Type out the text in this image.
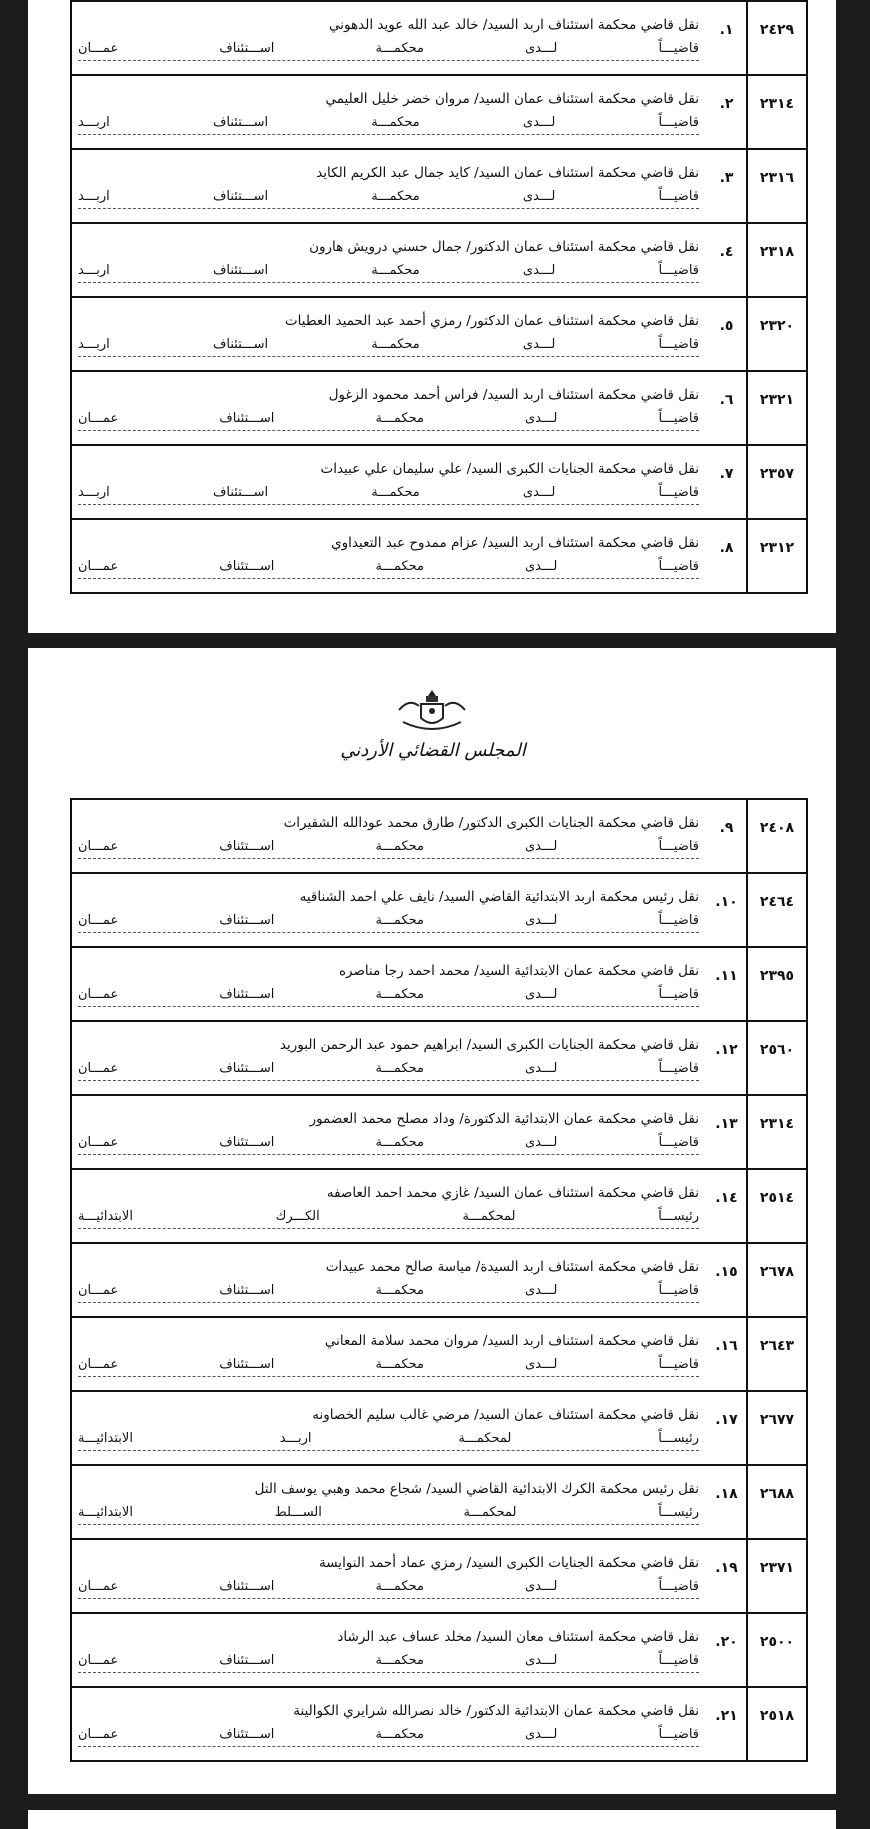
٢٤٢٩	١.	نقل قاضي محكمة استئناف اربد السيد/ خالد عبد الله عويد الدهوني
قاضيـــاً لـــدى محكمـــة اســـتئناف عمـــان

٢٣١٤	٢.	نقل قاضي محكمة استئناف عمان السيد/ مروان خضر خليل العليمي
قاضيـــاً لـــدى محكمـــة اســـتئناف اربـــد

٢٣١٦	٣.	نقل قاضي محكمة استئناف عمان السيد/ كايد جمال عبد الكريم الكايد
قاضيـــاً لـــدى محكمـــة اســـتئناف اربـــد

٢٣١٨	٤.	نقل قاضي محكمة استئناف عمان الدكتور/ جمال حسني درويش هارون
قاضيـــاً لـــدى محكمـــة اســـتئناف اربـــد

٢٣٢٠	٥.	نقل قاضي محكمة استئناف عمان الدكتور/ رمزي أحمد عبد الحميد العطيات
قاضيـــاً لـــدى محكمـــة اســـتئناف اربـــد

٢٣٢١	٦.	نقل قاضي محكمة استئناف اربد السيد/ فراس أحمد محمود الزغول
قاضيـــاً لـــدى محكمـــة اســـتئناف عمـــان

٢٣٥٧	٧.	نقل قاضي محكمة الجنايات الكبرى السيد/ علي سليمان علي عبيدات
قاضيـــاً لـــدى محكمـــة اســـتئناف اربـــد

٢٣١٢	٨.	نقل قاضي محكمة استئناف اربد السيد/ عزام ممدوح عبد التعيداوي
قاضيـــاً لـــدى محكمـــة اســـتئناف عمـــان
المجلس القضائي الأردني
٢٤٠٨	٩.	نقل قاضي محكمة الجنايات الكبرى الدكتور/ طارق محمد عودالله الشقيرات
قاضيـــاً لـــدى محكمـــة اســـتئناف عمـــان

٢٤٦٤	١٠.	نقل رئيس محكمة اربد الابتدائية القاضي السيد/ نايف علي احمد الشناقيه
قاضيـــاً لـــدى محكمـــة اســـتئناف عمـــان

٢٣٩٥	١١.	نقل قاضي محكمة عمان الابتدائية السيد/ محمد احمد رجا مناصره
قاضيـــاً لـــدى محكمـــة اســـتئناف عمـــان

٢٥٦٠	١٢.	نقل قاضي محكمة الجنايات الكبرى السيد/ ابراهيم حمود عبد الرحمن البوريد
قاضيـــاً لـــدى محكمـــة اســـتئناف عمـــان

٢٣١٤	١٣.	نقل قاضي محكمة عمان الابتدائية الدكتورة/ وداد مصلح محمد العضمور
قاضيـــاً لـــدى محكمـــة اســـتئناف عمـــان

٢٥١٤	١٤.	نقل قاضي محكمة استئناف عمان السيد/ غازي محمد احمد العاصفه
رئيســـاً لمحكمـــة الكـــرك الابتدائيـــة

٢٦٧٨	١٥.	نقل قاضي محكمة استئناف اربد السيدة/ مياسة صالح محمد عبيدات
قاضيـــاً لـــدى محكمـــة اســـتئناف عمـــان

٢٦٤٣	١٦.	نقل قاضي محكمة استئناف اربد السيد/ مروان محمد سلامة المعاني
قاضيـــاً لـــدى محكمـــة اســـتئناف عمـــان

٢٦٧٧	١٧.	نقل قاضي محكمة استئناف عمان السيد/ مرضي غالب سليم الخصاونه
رئيســـاً لمحكمـــة اربـــد الابتدائيـــة

٢٦٨٨	١٨.	نقل رئيس محكمة الكرك الابتدائية القاضي السيد/ شجاع محمد وهبي يوسف التل
رئيســـاً لمحكمـــة الســـلط الابتدائيـــة

٢٣٧١	١٩.	نقل قاضي محكمة الجنايات الكبرى السيد/ رمزي عماد أحمد النوايسة
قاضيـــاً لـــدى محكمـــة اســـتئناف عمـــان

٢٥٠٠	٢٠.	نقل قاضي محكمة استئناف معان السيد/ مخلد عساف عبد الرشاد
قاضيـــاً لـــدى محكمـــة اســـتئناف عمـــان

٢٥١٨	٢١.	نقل قاضي محكمة عمان الابتدائية الدكتور/ خالد نصرالله شرايري الكوالينة
قاضيـــاً لـــدى محكمـــة اســـتئناف عمـــان
